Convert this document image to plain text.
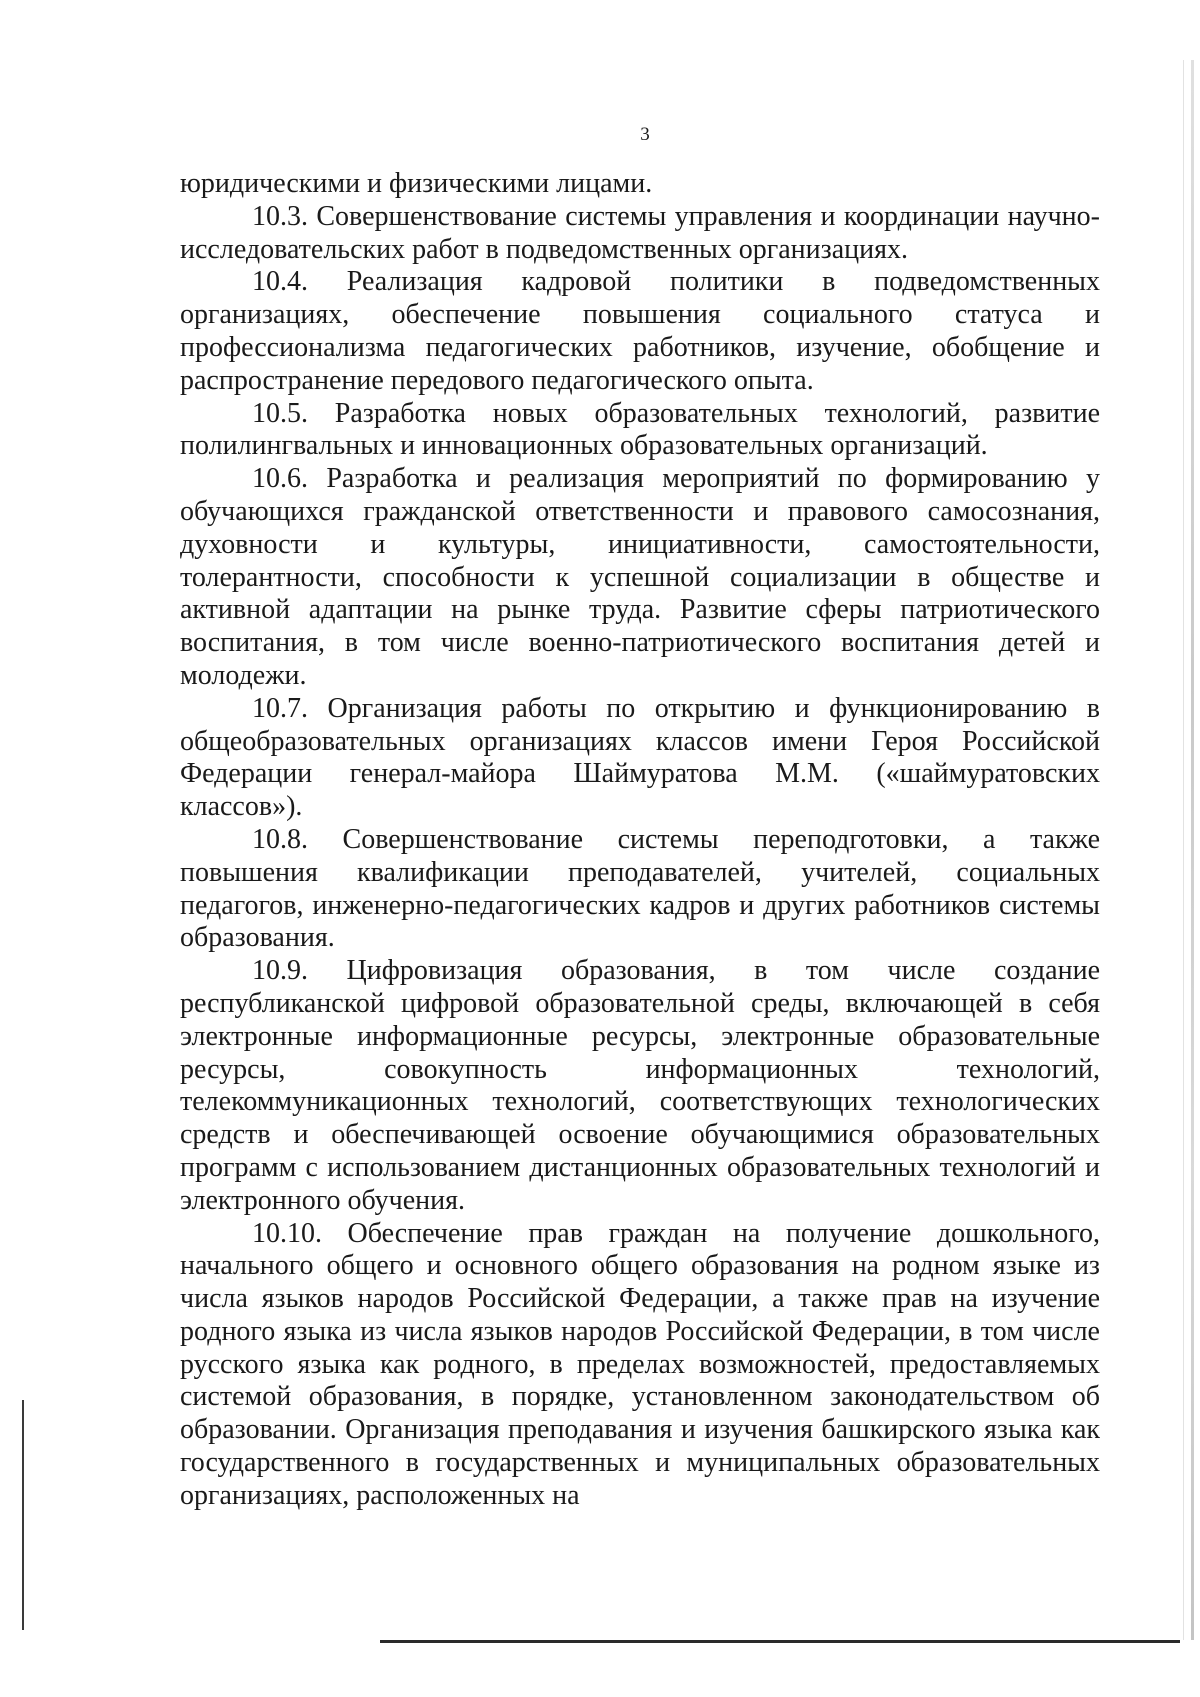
3

юридическими и физическими лицами.

10.3. Совершенствование системы управления и координации научно-исследовательских работ в подведомственных организациях.

10.4. Реализация кадровой политики в подведомственных организациях, обеспечение повышения социального статуса и профессионализма педагогических работников, изучение, обобщение и распространение передового педагогического опыта.

10.5. Разработка новых образовательных технологий, развитие полилингвальных и инновационных образовательных организаций.

10.6. Разработка и реализация мероприятий по формированию у обучающихся гражданской ответственности и правового самосознания, духовности и культуры, инициативности, самостоятельности, толерантности, способности к успешной социализации в обществе и активной адаптации на рынке труда. Развитие сферы патриотического воспитания, в том числе военно-патриотического воспитания детей и молодежи.

10.7. Организация работы по открытию и функционированию в общеобразовательных организациях классов имени Героя Российской Федерации генерал-майора Шаймуратова М.М. («шаймуратовских классов»).

10.8. Совершенствование системы переподготовки, а также повышения квалификации преподавателей, учителей, социальных педагогов, инженерно-педагогических кадров и других работников системы образования.

10.9. Цифровизация образования, в том числе создание республиканской цифровой образовательной среды, включающей в себя электронные информационные ресурсы, электронные образовательные ресурсы, совокупность информационных технологий, телекоммуникационных технологий, соответствующих технологических средств и обеспечивающей освоение обучающимися образовательных программ с использованием дистанционных образовательных технологий и электронного обучения.

10.10. Обеспечение прав граждан на получение дошкольного, начального общего и основного общего образования на родном языке из числа языков народов Российской Федерации, а также прав на изучение родного языка из числа языков народов Российской Федерации, в том числе русского языка как родного, в пределах возможностей, предоставляемых системой образования, в порядке, установленном законодательством об образовании. Организация преподавания и изучения башкирского языка как государственного в государственных и муниципальных образовательных организациях, расположенных на
